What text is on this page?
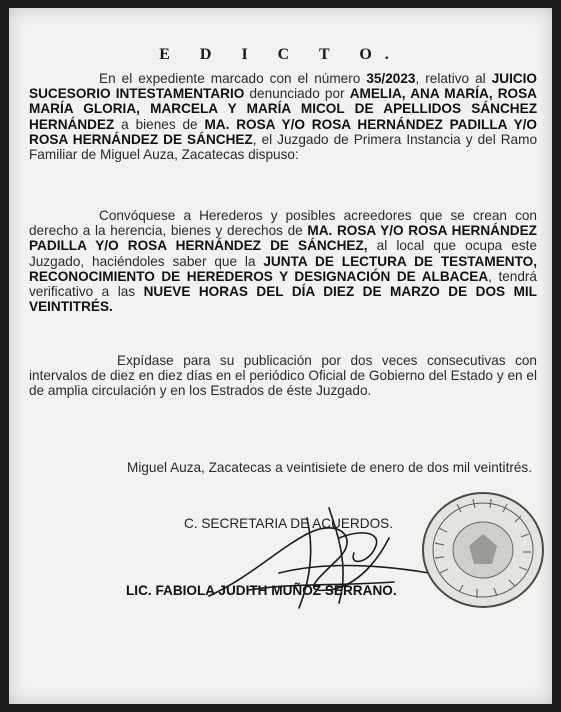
E D I C T O.
En el expediente marcado con el número 35/2023, relativo al JUICIO SUCESORIO INTESTAMENTARIO denunciado por AMELIA, ANA MARÍA, ROSA MARÍA GLORIA, MARCELA Y MARÍA MICOL DE APELLIDOS SÁNCHEZ HERNÁNDEZ a bienes de MA. ROSA Y/O ROSA HERNÁNDEZ PADILLA Y/O ROSA HERNÁNDEZ DE SÁNCHEZ, el Juzgado de Primera Instancia y del Ramo Familiar de Miguel Auza, Zacatecas dispuso:
Convóquese a Herederos y posibles acreedores que se crean con derecho a la herencia, bienes y derechos de MA. ROSA Y/O ROSA HERNÁNDEZ PADILLA Y/O ROSA HERNÁNDEZ DE SÁNCHEZ, al local que ocupa este Juzgado, haciéndoles saber que la JUNTA DE LECTURA DE TESTAMENTO, RECONOCIMIENTO DE HEREDEROS Y DESIGNACIÓN DE ALBACEA, tendrá verificativo a las NUEVE HORAS DEL DÍA DIEZ DE MARZO DE DOS MIL VEINTITRÉS.
Expídase para su publicación por dos veces consecutivas con intervalos de diez en diez días en el periódico Oficial de Gobierno del Estado y en el de amplia circulación y en los Estrados de éste Juzgado.
Miguel Auza, Zacatecas a veintisiete de enero de dos mil veintitrés.
C. SECRETARIA DE ACUERDOS.
LIC. FABIOLA JUDITH MUÑOZ SERRANO.
